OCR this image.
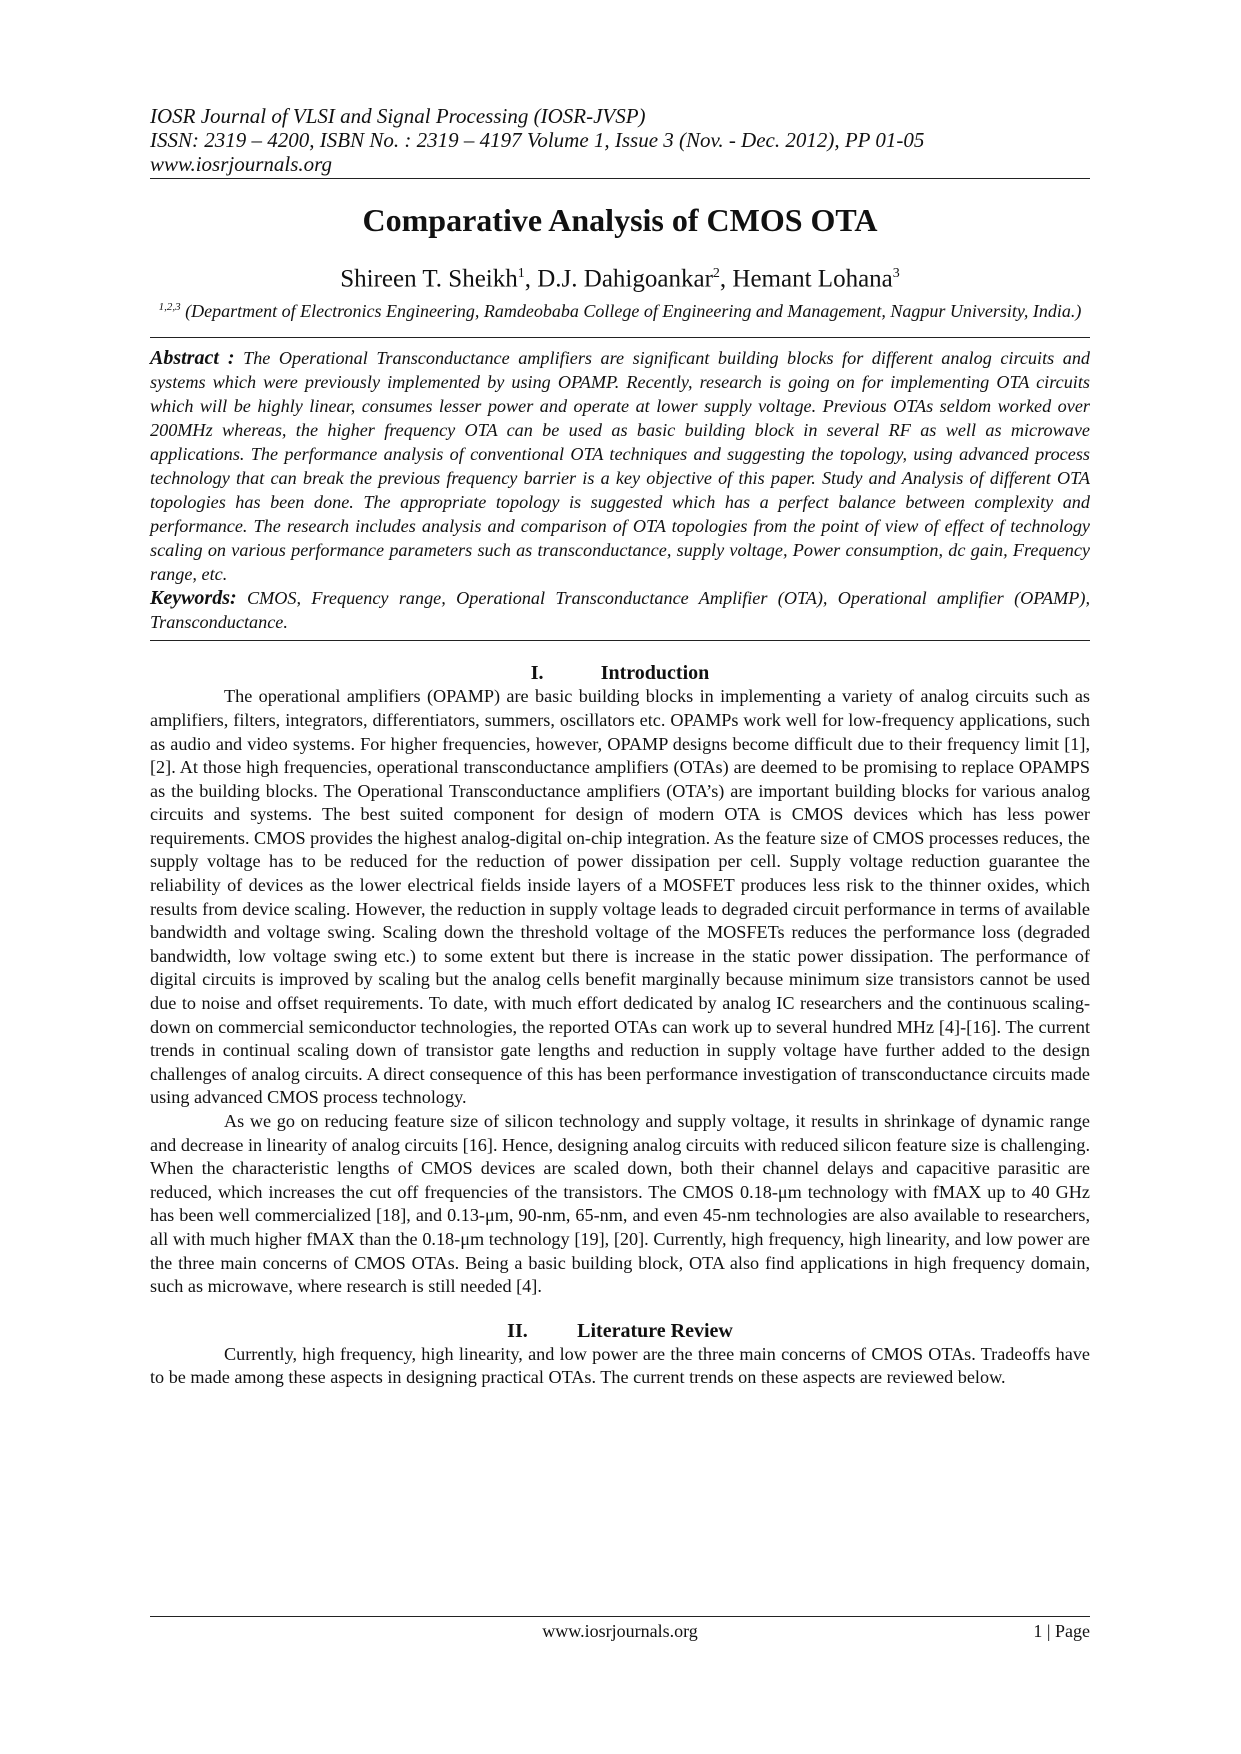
IOSR Journal of VLSI and Signal Processing (IOSR-JVSP)
ISSN: 2319 – 4200, ISBN No. : 2319 – 4197 Volume 1, Issue 3 (Nov. - Dec. 2012), PP 01-05
www.iosrjournals.org
Comparative Analysis of CMOS OTA
Shireen T. Sheikh$^1$, D.J. Dahigoankar$^2$, Hemant Lohana$^3$
$^{1,2,3}$ (Department of Electronics Engineering, Ramdeobaba College of Engineering and Management, Nagpur University, India.)

Abstract : The Operational Transconductance amplifiers are significant building blocks for different analog circuits and systems which were previously implemented by using OPAMP. Recently, research is going on for implementing OTA circuits which will be highly linear, consumes lesser power and operate at lower supply voltage. Previous OTAs seldom worked over 200MHz whereas, the higher frequency OTA can be used as basic building block in several RF as well as microwave applications. The performance analysis of conventional OTA techniques and suggesting the topology, using advanced process technology that can break the previous frequency barrier is a key objective of this paper. Study and Analysis of different OTA topologies has been done. The appropriate topology is suggested which has a perfect balance between complexity and performance. The research includes analysis and comparison of OTA topologies from the point of view of effect of technology scaling on various performance parameters such as transconductance, supply voltage, Power consumption, dc gain, Frequency range, etc.

Keywords: CMOS, Frequency range, Operational Transconductance Amplifier (OTA), Operational amplifier (OPAMP), Transconductance.

I.	Introduction

The operational amplifiers (OPAMP) are basic building blocks in implementing a variety of analog circuits such as amplifiers, filters, integrators, differentiators, summers, oscillators etc. OPAMPs work well for low-frequency applications, such as audio and video systems. For higher frequencies, however, OPAMP designs become difficult due to their frequency limit [1], [2]. At those high frequencies, operational transconductance amplifiers (OTAs) are deemed to be promising to replace OPAMPS as the building blocks. The Operational Transconductance amplifiers (OTA’s) are important building blocks for various analog circuits and systems. The best suited component for design of modern OTA is CMOS devices which has less power requirements. CMOS provides the highest analog-digital on-chip integration. As the feature size of CMOS processes reduces, the supply voltage has to be reduced for the reduction of power dissipation per cell. Supply voltage reduction guarantee the reliability of devices as the lower electrical fields inside layers of a MOSFET produces less risk to the thinner oxides, which results from device scaling. However, the reduction in supply voltage leads to degraded circuit performance in terms of available bandwidth and voltage swing. Scaling down the threshold voltage of the MOSFETs reduces the performance loss (degraded bandwidth, low voltage swing etc.) to some extent but there is increase in the static power dissipation. The performance of digital circuits is improved by scaling but the analog cells benefit marginally because minimum size transistors cannot be used due to noise and offset requirements. To date, with much effort dedicated by analog IC researchers and the continuous scaling-down on commercial semiconductor technologies, the reported OTAs can work up to several hundred MHz [4]-[16]. The current trends in continual scaling down of transistor gate lengths and reduction in supply voltage have further added to the design challenges of analog circuits. A direct consequence of this has been performance investigation of transconductance circuits made using advanced CMOS process technology.

As we go on reducing feature size of silicon technology and supply voltage, it results in shrinkage of dynamic range and decrease in linearity of analog circuits [16]. Hence, designing analog circuits with reduced silicon feature size is challenging. When the characteristic lengths of CMOS devices are scaled down, both their channel delays and capacitive parasitic are reduced, which increases the cut off frequencies of the transistors. The CMOS 0.18-μm technology with fMAX up to 40 GHz has been well commercialized [18], and 0.13-μm, 90-nm, 65-nm, and even 45-nm technologies are also available to researchers, all with much higher fMAX than the 0.18-μm technology [19], [20]. Currently, high frequency, high linearity, and low power are the three main concerns of CMOS OTAs. Being a basic building block, OTA also find applications in high frequency domain, such as microwave, where research is still needed [4].

II. Literature Review

Currently, high frequency, high linearity, and low power are the three main concerns of CMOS OTAs. Tradeoffs have to be made among these aspects in designing practical OTAs. The current trends on these aspects are reviewed below.

www.iosrjournals.org	1 | Page
